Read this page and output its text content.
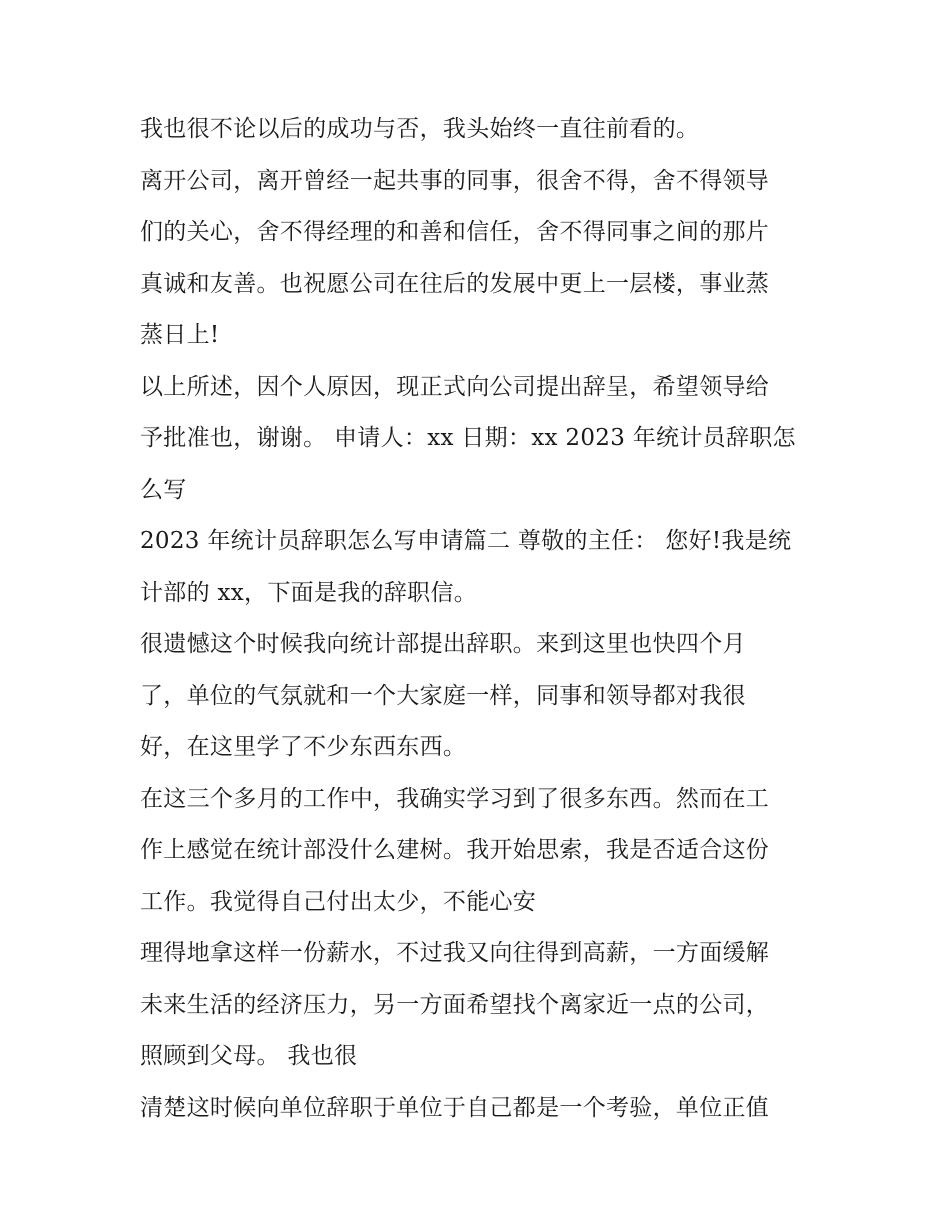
我也很不论以后的成功与否，我头始终一直往前看的。
离开公司，离开曾经一起共事的同事，很舍不得，舍不得领导
们的关心，舍不得经理的和善和信任，舍不得同事之间的那片
真诚和友善。也祝愿公司在往后的发展中更上一层楼，事业蒸
蒸日上!
以上所述，因个人原因，现正式向公司提出辞呈，希望领导给
予批准也，谢谢。 申请人：xx 日期：xx 2023 年统计员辞职怎
么写
2023 年统计员辞职怎么写申请篇二 尊敬的主任： 您好!我是统
计部的 xx，下面是我的辞职信。
很遗憾这个时候我向统计部提出辞职。来到这里也快四个月
了，单位的气氛就和一个大家庭一样，同事和领导都对我很
好，在这里学了不少东西东西。
在这三个多月的工作中，我确实学习到了很多东西。然而在工
作上感觉在统计部没什么建树。我开始思索，我是否适合这份
工作。我觉得自己付出太少，不能心安
理得地拿这样一份薪水，不过我又向往得到高薪，一方面缓解
未来生活的经济压力，另一方面希望找个离家近一点的公司，
照顾到父母。 我也很
清楚这时候向单位辞职于单位于自己都是一个考验，单位正值
